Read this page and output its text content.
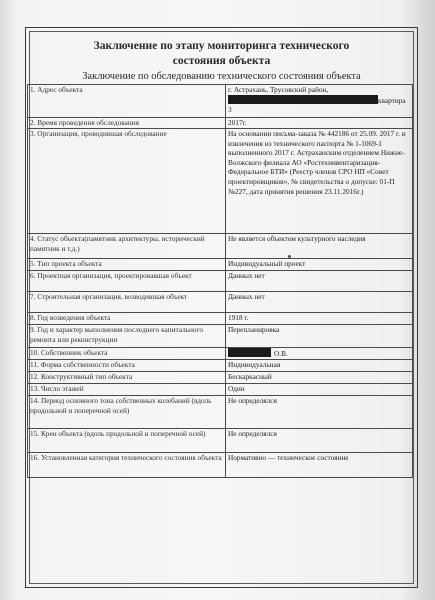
Заключение по этапу мониторинга технического
состояния объекта
Заключение по обследованию технического состояния объекта
1. Адрес объекта	г. Астрахань, Трусовский район,
квартира 3

2. Время проведения обследования	2017г.
3. Организация, проводившая обследование	На основании письма-заказа № 442186 от 25.09. 2017 г. и извлечения из технического паспорта № 1-1069-1 выполненного 2017 г. Астраханским отделением Нижне-Волжского филиала АО «Ростехинвентаризация-Федеральное БТИ» (Реестр членов СРО НП «Совет проектировщиков», № свидетельства о допуске: 01-П №227, дата принятия решения 23.11.2016г.)
4. Статус объекта(памятник архитектуры, исторический памятник и т.д.)	Не является объектом культурного наследия
5. Тип проекта объекта	Индивидуальный проект
6. Проектная организация, проектировавшая объект	Данных нет
7. Строительная организация, возводившая объект	Данных нет
8. Год возведения объекта	1918 г.
9. Год и характер выполнения последнего капитального ремонта или реконструкции	Перепланировка
10. Собственник объекта	О.В.
11. Форма собственности объекта	Индивидуальная
12. Конструктивный тип объекта	Бескаркасный
13. Число этажей	Один
14. Период основного тона собственных колебаний (вдоль продольной и поперечной осей)	Не определялся
15. Крен объекта (вдоль продольной и поперечной осей)	Не определялся
16. Установленная категория технического состояния объекта	Нормативно — техническое состояние
